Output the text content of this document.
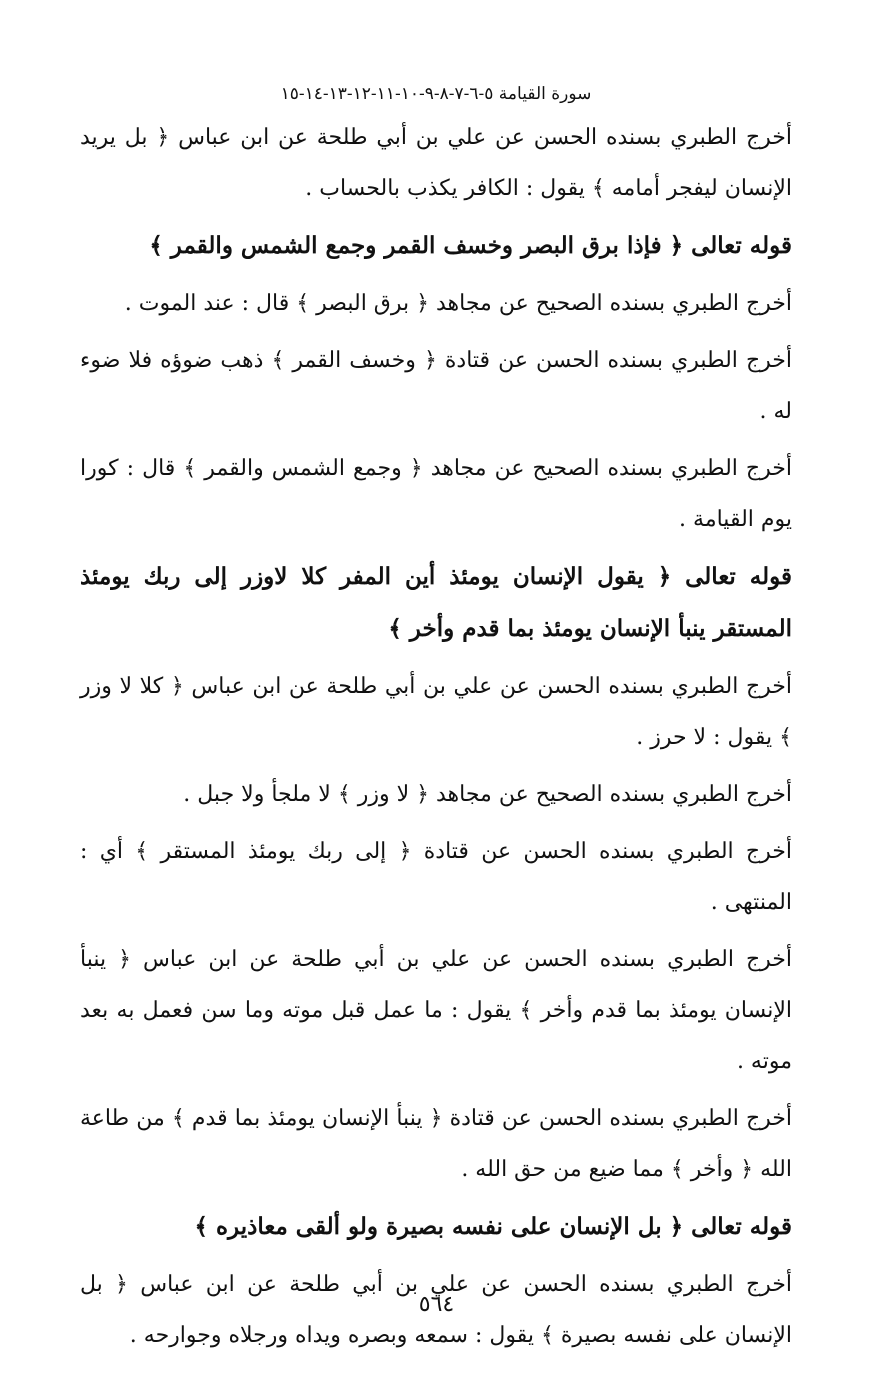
سورة القيامة ٥-٦-٧-٨-٩-١٠-١١-١٢-١٣-١٤-١٥

أخرج الطبري بسنده الحسن عن علي بن أبي طلحة عن ابن عباس ﴿ بل يريد الإنسان ليفجر أمامه ﴾ يقول : الكافر يكذب بالحساب .

قوله تعالى ﴿ فإذا برق البصر وخسف القمر وجمع الشمس والقمر ﴾

أخرج الطبري بسنده الصحيح عن مجاهد ﴿ برق البصر ﴾ قال : عند الموت .

أخرج الطبري بسنده الحسن عن قتادة ﴿ وخسف القمر ﴾ ذهب ضوؤه فلا ضوء له .

أخرج الطبري بسنده الصحيح عن مجاهد ﴿ وجمع الشمس والقمر ﴾ قال : كورا يوم القيامة .

قوله تعالى ﴿ يقول الإنسان يومئذ أين المفر كلا لاوزر إلى ربك يومئذ المستقر ينبأ الإنسان يومئذ بما قدم وأخر ﴾

أخرج الطبري بسنده الحسن عن علي بن أبي طلحة عن ابن عباس ﴿ كلا لا وزر ﴾ يقول : لا حرز .

أخرج الطبري بسنده الصحيح عن مجاهد ﴿ لا وزر ﴾ لا ملجأ ولا جبل .

أخرج الطبري بسنده الحسن عن قتادة ﴿ إلى ربك يومئذ المستقر ﴾ أي : المنتهى .

أخرج الطبري بسنده الحسن عن علي بن أبي طلحة عن ابن عباس ﴿ ينبأ الإنسان يومئذ بما قدم وأخر ﴾ يقول : ما عمل قبل موته وما سن فعمل به بعد موته .

أخرج الطبري بسنده الحسن عن قتادة ﴿ ينبأ الإنسان يومئذ بما قدم ﴾ من طاعة الله ﴿ وأخر ﴾ مما ضيع من حق الله .

قوله تعالى ﴿ بل الإنسان على نفسه بصيرة ولو ألقى معاذيره ﴾

أخرج الطبري بسنده الحسن عن علي بن أبي طلحة عن ابن عباس ﴿ بل الإنسان على نفسه بصيرة ﴾ يقول : سمعه وبصره ويداه ورجلاه وجوارحه .

٥٦٤
